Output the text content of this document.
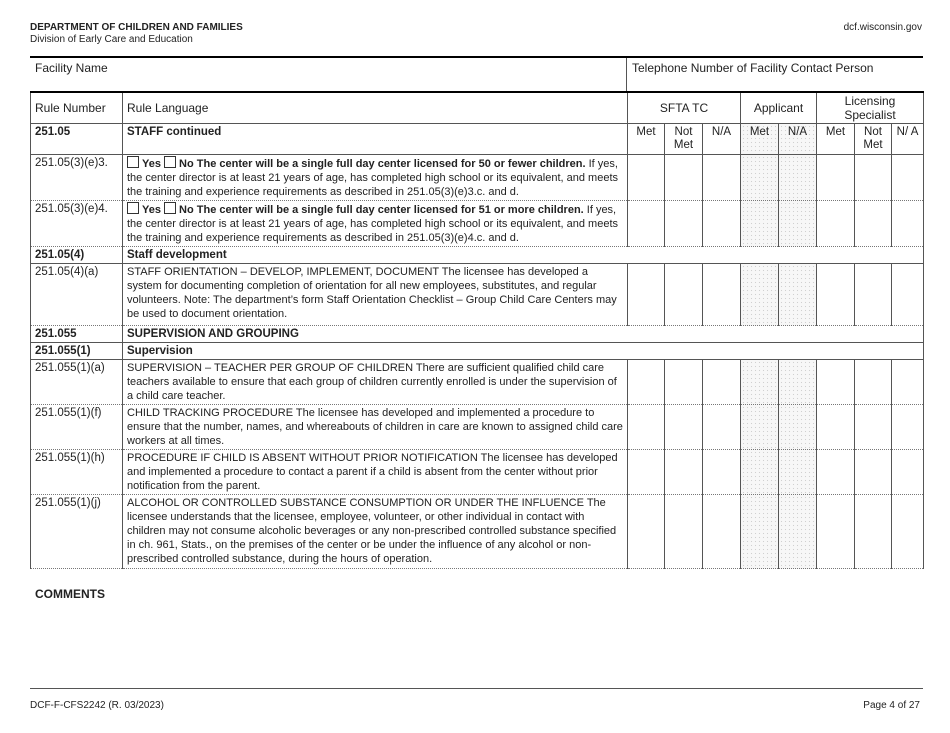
DEPARTMENT OF CHILDREN AND FAMILIES
Division of Early Care and Education
dcf.wisconsin.gov
Facility Name	Telephone Number of Facility Contact Person
Rule Number	Rule Language	SFTA TC			Applicant		Licensing Specialist		
251.05	STAFF continued	Met	Not Met	N/A	Met	N/A	Met	Not Met	N/ A
251.05(3)(e)3.	Yes No The center will be a single full day center licensed for 50 or fewer children. If yes, the center director is at least 21 years of age, has completed high school or its equivalent, and meets the training and experience requirements as described in 251.05(3)(e)3.c. and d.								
251.05(3)(e)4.	Yes No The center will be a single full day center licensed for 51 or more children. If yes, the center director is at least 21 years of age, has completed high school or its equivalent, and meets the training and experience requirements as described in 251.05(3)(e)4.c. and d.								
251.05(4)	Staff development								
251.05(4)(a)	STAFF ORIENTATION – DEVELOP, IMPLEMENT, DOCUMENT The licensee has developed a system for documenting completion of orientation for all new employees, substitutes, and regular volunteers. Note: The department’s form Staff Orientation Checklist – Group Child Care Centers may be used to document orientation.								
251.055	SUPERVISION AND GROUPING								
251.055(1)	Supervision								
251.055(1)(a)	SUPERVISION – TEACHER PER GROUP OF CHILDREN There are sufficient qualified child care teachers available to ensure that each group of children currently enrolled is under the supervision of a child care teacher.								
251.055(1)(f)	CHILD TRACKING PROCEDURE The licensee has developed and implemented a procedure to ensure that the number, names, and whereabouts of children in care are known to assigned child care workers at all times.								
251.055(1)(h)	PROCEDURE IF CHILD IS ABSENT WITHOUT PRIOR NOTIFICATION The licensee has developed and implemented a procedure to contact a parent if a child is absent from the center without prior notification from the parent.								
251.055(1)(j)	ALCOHOL OR CONTROLLED SUBSTANCE CONSUMPTION OR UNDER THE INFLUENCE The licensee understands that the licensee, employee, volunteer, or other individual in contact with children may not consume alcoholic beverages or any non-prescribed controlled substance specified in ch. 961, Stats., on the premises of the center or be under the influence of any alcohol or non-prescribed controlled substance, during the hours of operation.								
COMMENTS
DCF-F-CFS2242 (R. 03/2023)	Page 4 of 27
